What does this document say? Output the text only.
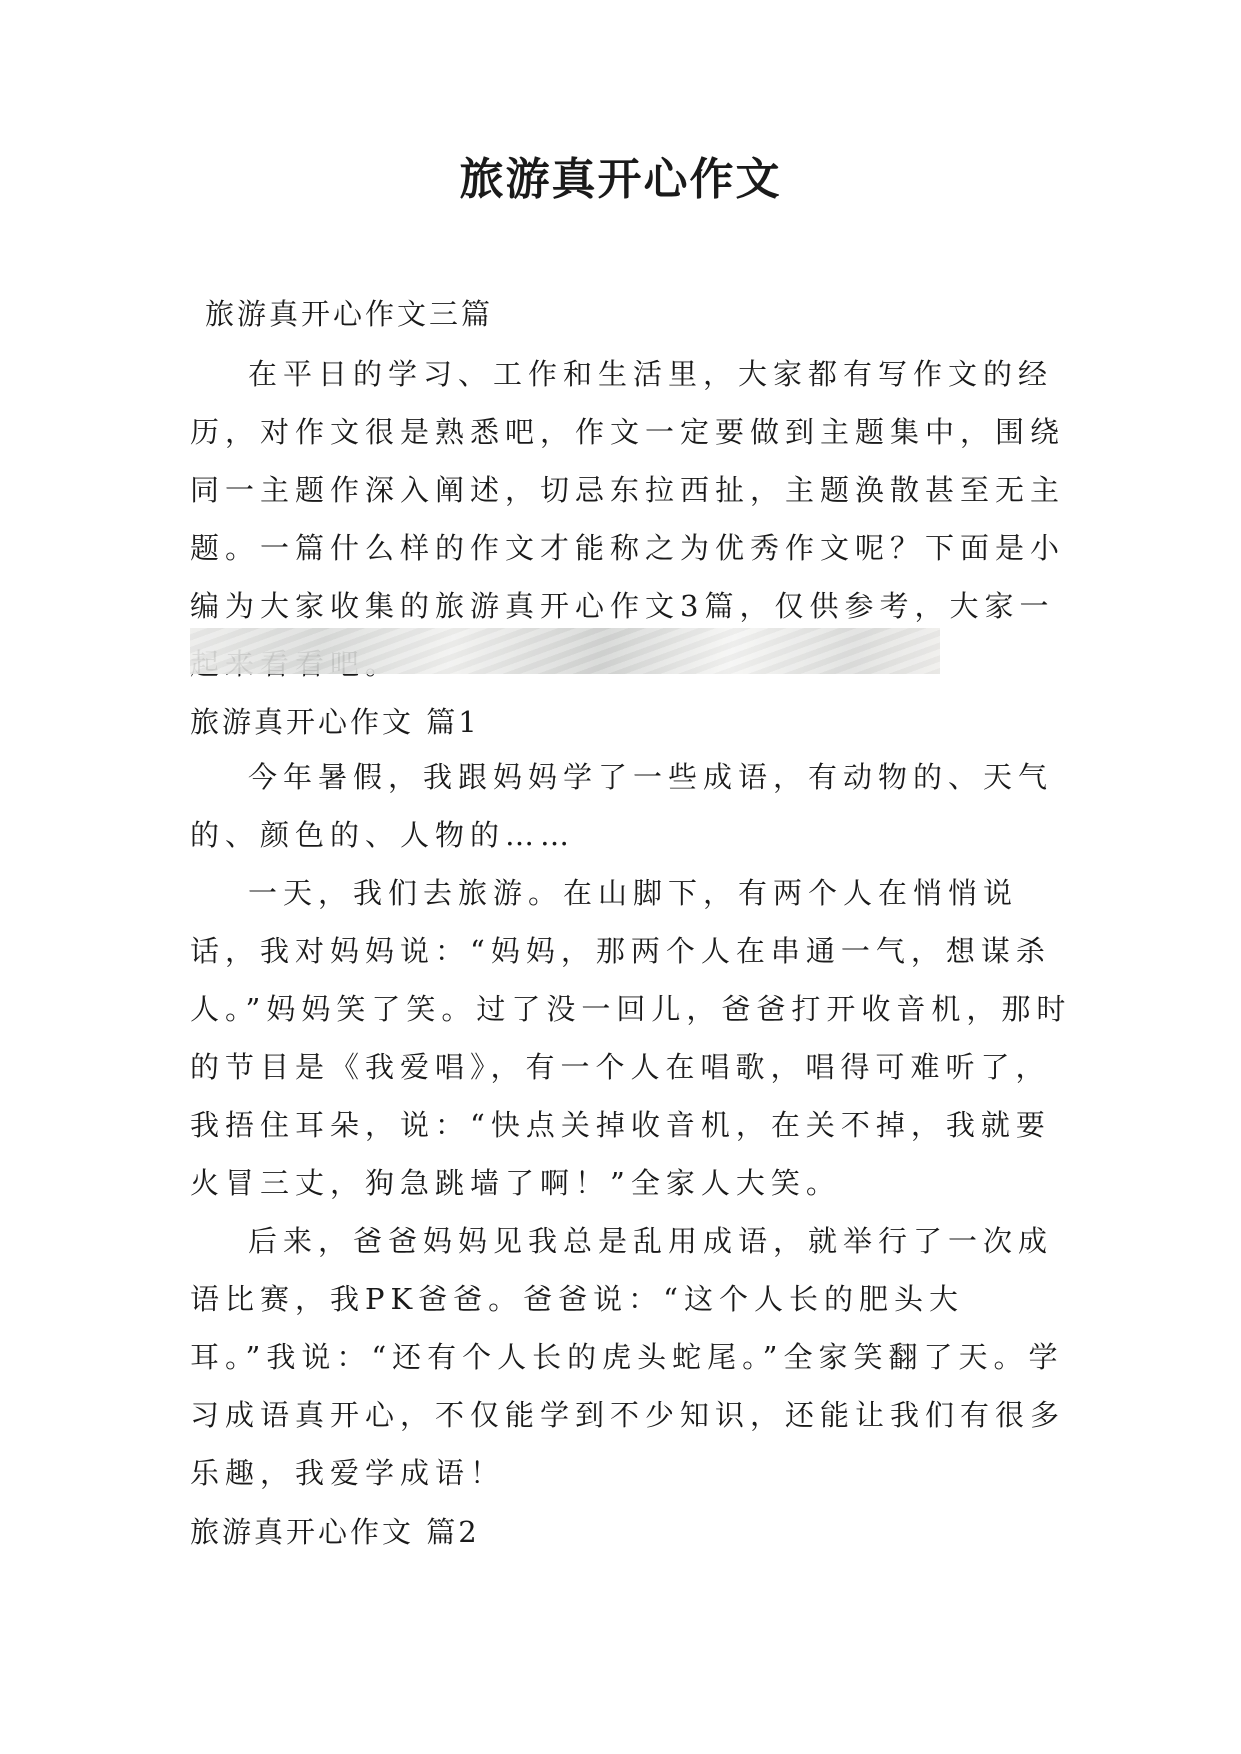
旅游真开心作文
旅游真开心作文三篇

在平日的学习、工作和生活里，大家都有写作文的经历，对作文很是熟悉吧，作文一定要做到主题集中，围绕同一主题作深入阐述，切忌东拉西扯，主题涣散甚至无主题。一篇什么样的作文才能称之为优秀作文呢？下面是小编为大家收集的旅游真开心作文3篇，仅供参考，大家一

旅游真开心作文 篇1

今年暑假，我跟妈妈学了一些成语，有动物的、天气的、颜色的、人物的……

一天，我们去旅游。在山脚下，有两个人在悄悄说话，我对妈妈说：“妈妈，那两个人在串通一气，想谋杀人。”妈妈笑了笑。过了没一回儿，爸爸打开收音机，那时的节目是《我爱唱》，有一个人在唱歌，唱得可难听了，我捂住耳朵，说：“快点关掉收音机，在关不掉，我就要火冒三丈，狗急跳墙了啊！”全家人大笑。

后来，爸爸妈妈见我总是乱用成语，就举行了一次成语比赛，我PK爸爸。爸爸说：“这个人长的肥头大耳。”我说：“还有个人长的虎头蛇尾。”全家笑翻了天。学习成语真开心，不仅能学到不少知识，还能让我们有很多乐趣，我爱学成语！

旅游真开心作文 篇2
